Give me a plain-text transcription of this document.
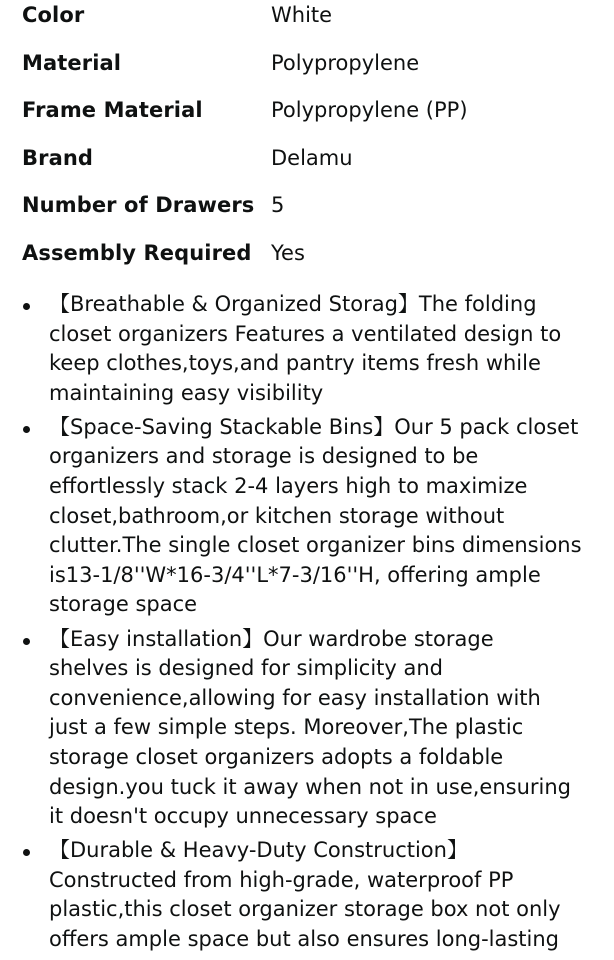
Color	White
Material	Polypropylene
Frame Material	Polypropylene (PP)
Brand	Delamu
Number of Drawers 5
Assembly Required Yes
【Breathable & Organized Storag】The folding
closet organizers Features a ventilated design to
keep clothes,toys,and pantry items fresh while
maintaining easy visibility
【Space-Saving Stackable Bins】Our 5 pack closet
organizers and storage is designed to be
effortlessly stack 2-4 layers high to maximize
closet,bathroom,or kitchen storage without
clutter.The single closet organizer bins dimensions
is13-1/8''W*16-3/4''L*7-3/16''H, offering ample
storage space
【Easy installation】Our wardrobe storage
shelves is designed for simplicity and
convenience,allowing for easy installation with
just a few simple steps. Moreover,The plastic
storage closet organizers adopts a foldable
design.you tuck it away when not in use,ensuring
it doesn't occupy unnecessary space
【Durable & Heavy-Duty Construction】
Constructed from high-grade, waterproof PP
plastic,this closet organizer storage box not only
offers ample space but also ensures long-lasting
